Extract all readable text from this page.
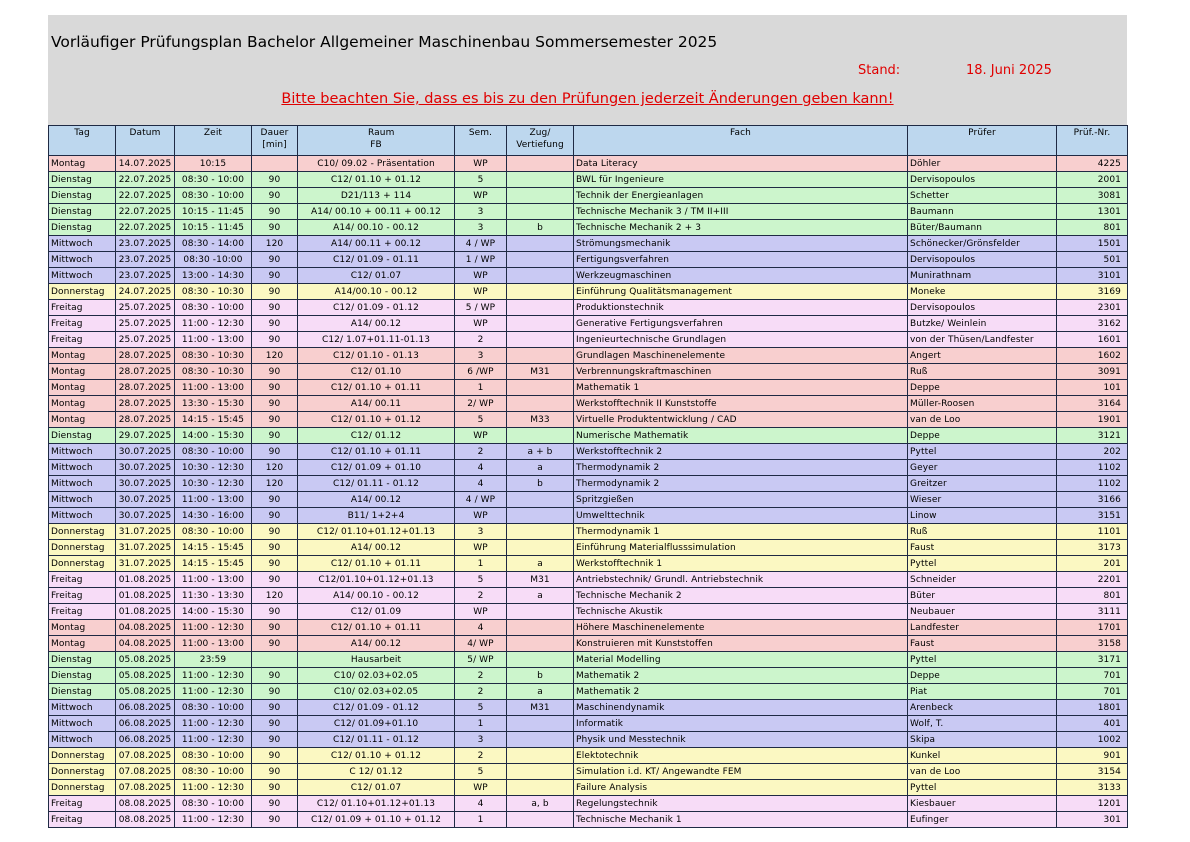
Vorläufiger Prüfungsplan Bachelor Allgemeiner Maschinenbau Sommersemester 2025
Stand:	18. Juni 2025
Bitte beachten Sie, dass es bis zu den Prüfungen jederzeit Änderungen geben kann!
Tag	Datum	Zeit	Dauer [min]	Raum FB	Sem.	Zug/ Vertiefung	Fach	Prüfer	Prüf.-Nr.
Montag	14.07.2025	10:15		C10/ 09.02 - Präsentation	WP		Data Literacy	Döhler	4225
Dienstag	22.07.2025	08:30 - 10:00	90	C12/ 01.10 + 01.12	5		BWL für Ingenieure	Dervisopoulos	2001
Dienstag	22.07.2025	08:30 - 10:00	90	D21/113 + 114	WP		Technik der Energieanlagen	Schetter	3081
Dienstag	22.07.2025	10:15 - 11:45	90	A14/ 00.10 + 00.11 + 00.12	3		Technische Mechanik 3 / TM II+III	Baumann	1301
Dienstag	22.07.2025	10:15 - 11:45	90	A14/ 00.10 - 00.12	3	b	Technische Mechanik 2 + 3	Büter/Baumann	801
Mittwoch	23.07.2025	08:30 - 14:00	120	A14/ 00.11 + 00.12	4 / WP		Strömungsmechanik	Schönecker/Grönsfelder	1501
Mittwoch	23.07.2025	08:30 -10:00	90	C12/ 01.09 - 01.11	1 / WP		Fertigungsverfahren	Dervisopoulos	501
Mittwoch	23.07.2025	13:00 - 14:30	90	C12/ 01.07	WP		Werkzeugmaschinen	Munirathnam	3101
Donnerstag	24.07.2025	08:30 - 10:30	90	A14/00.10 - 00.12	WP		Einführung Qualitätsmanagement	Moneke	3169
Freitag	25.07.2025	08:30 - 10:00	90	C12/ 01.09 - 01.12	5 / WP		Produktionstechnik	Dervisopoulos	2301
Freitag	25.07.2025	11:00 - 12:30	90	A14/ 00.12	WP		Generative Fertigungsverfahren	Butzke/ Weinlein	3162
Freitag	25.07.2025	11:00 - 13:00	90	C12/ 1.07+01.11-01.13	2		Ingenieurtechnische Grundlagen	von der Thüsen/Landfester	1601
Montag	28.07.2025	08:30 - 10:30	120	C12/ 01.10 - 01.13	3		Grundlagen Maschinenelemente	Angert	1602
Montag	28.07.2025	08:30 - 10:30	90	C12/ 01.10	6 /WP	M31	Verbrennungskraftmaschinen	Ruß	3091
Montag	28.07.2025	11:00 - 13:00	90	C12/ 01.10 + 01.11	1		Mathematik 1	Deppe	101
Montag	28.07.2025	13:30 - 15:30	90	A14/ 00.11	2/ WP		Werkstofftechnik II Kunststoffe	Müller-Roosen	3164
Montag	28.07.2025	14:15 - 15:45	90	C12/ 01.10 + 01.12	5	M33	Virtuelle Produktentwicklung / CAD	van de Loo	1901
Dienstag	29.07.2025	14:00 - 15:30	90	C12/ 01.12	WP		Numerische Mathematik	Deppe	3121
Mittwoch	30.07.2025	08:30 - 10:00	90	C12/ 01.10 + 01.11	2	a + b	Werkstofftechnik 2	Pyttel	202
Mittwoch	30.07.2025	10:30 - 12:30	120	C12/ 01.09 + 01.10	4	a	Thermodynamik 2	Geyer	1102
Mittwoch	30.07.2025	10:30 - 12:30	120	C12/ 01.11 - 01.12	4	b	Thermodynamik 2	Greitzer	1102
Mittwoch	30.07.2025	11:00 - 13:00	90	A14/ 00.12	4 / WP		Spritzgießen	Wieser	3166
Mittwoch	30.07.2025	14:30 - 16:00	90	B11/ 1+2+4	WP		Umwelttechnik	Linow	3151
Donnerstag	31.07.2025	08:30 - 10:00	90	C12/ 01.10+01.12+01.13	3		Thermodynamik 1	Ruß	1101
Donnerstag	31.07.2025	14:15 - 15:45	90	A14/ 00.12	WP		Einführung Materialflusssimulation	Faust	3173
Donnerstag	31.07.2025	14:15 - 15:45	90	C12/ 01.10 + 01.11	1	a	Werkstofftechnik 1	Pyttel	201
Freitag	01.08.2025	11:00 - 13:00	90	C12/01.10+01.12+01.13	5	M31	Antriebstechnik/ Grundl. Antriebstechnik	Schneider	2201
Freitag	01.08.2025	11:30 - 13:30	120	A14/ 00.10 - 00.12	2	a	Technische Mechanik 2	Büter	801
Freitag	01.08.2025	14:00 - 15:30	90	C12/ 01.09	WP		Technische Akustik	Neubauer	3111
Montag	04.08.2025	11:00 - 12:30	90	C12/ 01.10 + 01.11	4		Höhere Maschinenelemente	Landfester	1701
Montag	04.08.2025	11:00 - 13:00	90	A14/ 00.12	4/ WP		Konstruieren mit Kunststoffen	Faust	3158
Dienstag	05.08.2025	23:59		Hausarbeit	5/ WP		Material Modelling	Pyttel	3171
Dienstag	05.08.2025	11:00 - 12:30	90	C10/ 02.03+02.05	2	b	Mathematik 2	Deppe	701
Dienstag	05.08.2025	11:00 - 12:30	90	C10/ 02.03+02.05	2	a	Mathematik 2	Piat	701
Mittwoch	06.08.2025	08:30 - 10:00	90	C12/ 01.09 - 01.12	5	M31	Maschinendynamik	Arenbeck	1801
Mittwoch	06.08.2025	11:00 - 12:30	90	C12/ 01.09+01.10	1		Informatik	Wolf, T.	401
Mittwoch	06.08.2025	11:00 - 12:30	90	C12/ 01.11 - 01.12	3		Physik und Messtechnik	Skipa	1002
Donnerstag	07.08.2025	08:30 - 10:00	90	C12/ 01.10 + 01.12	2		Elektotechnik	Kunkel	901
Donnerstag	07.08.2025	08:30 - 10:00	90	C 12/ 01.12	5		Simulation i.d. KT/ Angewandte FEM	van de Loo	3154
Donnerstag	07.08.2025	11:00 - 12:30	90	C12/ 01.07	WP		Failure Analysis	Pyttel	3133
Freitag	08.08.2025	08:30 - 10:00	90	C12/ 01.10+01.12+01.13	4	a, b	Regelungstechnik	Kiesbauer	1201
Freitag	08.08.2025	11:00 - 12:30	90	C12/ 01.09 + 01.10 + 01.12	1		Technische Mechanik 1	Eufinger	301
